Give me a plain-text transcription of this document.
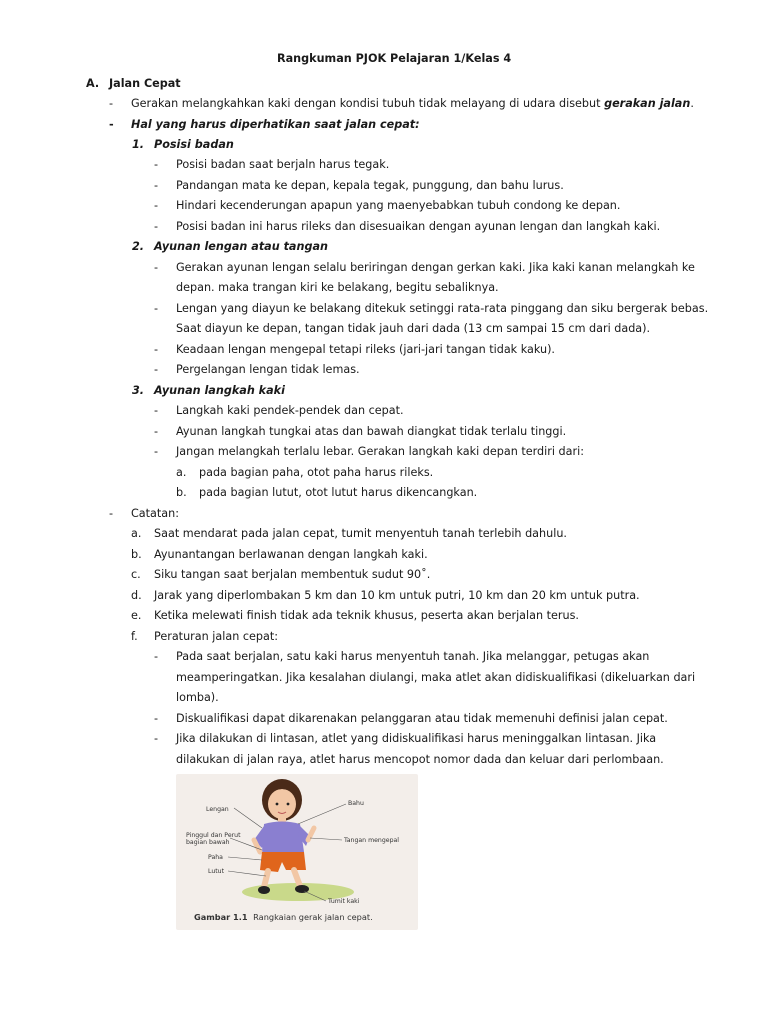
Rangkuman PJOK Pelajaran 1/Kelas 4
A. Jalan Cepat
- Gerakan melangkahkan kaki dengan kondisi tubuh tidak melayang di udara disebut gerakan jalan.
- Hal yang harus diperhatikan saat jalan cepat:
1. Posisi badan
- Posisi badan saat berjaln harus tegak.
- Pandangan mata ke depan, kepala tegak, punggung, dan bahu lurus.
- Hindari kecenderungan apapun yang maenyebabkan tubuh condong ke depan.
- Posisi badan ini harus rileks dan disesuaikan dengan ayunan lengan dan langkah kaki.
2. Ayunan lengan atau tangan
- Gerakan ayunan lengan selalu beriringan dengan gerkan kaki. Jika kaki kanan melangkah ke
depan. maka trangan kiri ke belakang, begitu sebaliknya.
- Lengan yang diayun ke belakang ditekuk setinggi rata-rata pinggang dan siku bergerak bebas.
Saat diayun ke depan, tangan tidak jauh dari dada (13 cm sampai 15 cm dari dada).
- Keadaan lengan mengepal tetapi rileks (jari-jari tangan tidak kaku).
- Pergelangan lengan tidak lemas.
3. Ayunan langkah kaki
- Langkah kaki pendek-pendek dan cepat.
- Ayunan langkah tungkai atas dan bawah diangkat tidak terlalu tinggi.
- Jangan melangkah terlalu lebar. Gerakan langkah kaki depan terdiri dari:
a. pada bagian paha, otot paha harus rileks.
b. pada bagian lutut, otot lutut harus dikencangkan.
- Catatan:
a. Saat mendarat pada jalan cepat, tumit menyentuh tanah terlebih dahulu.
b. Ayunantangan berlawanan dengan langkah kaki.
c. Siku tangan saat berjalan membentuk sudut 90˚.
d. Jarak yang diperlombakan 5 km dan 10 km untuk putri, 10 km dan 20 km untuk putra.
e. Ketika melewati finish tidak ada teknik khusus, peserta akan berjalan terus.
f. Peraturan jalan cepat:
- Pada saat berjalan, satu kaki harus menyentuh tanah. Jika melanggar, petugas akan
meamperingatkan. Jika kesalahan diulangi, maka atlet akan didiskualifikasi (dikeluarkan dari
lomba).
- Diskualifikasi dapat dikarenakan pelanggaran atau tidak memenuhi definisi jalan cepat.
- Jika dilakukan di lintasan, atlet yang didiskualifikasi harus meninggalkan lintasan. Jika
dilakukan di jalan raya, atlet harus mencopot nomor dada dan keluar dari perlombaan.
Lengan
Bahu
Pinggul dan Perut
bagian bawah	Tangan mengepal
Paha
Lutut
Tumit kaki
Gambar 1.1 Rangkaian gerak jalan cepat.
